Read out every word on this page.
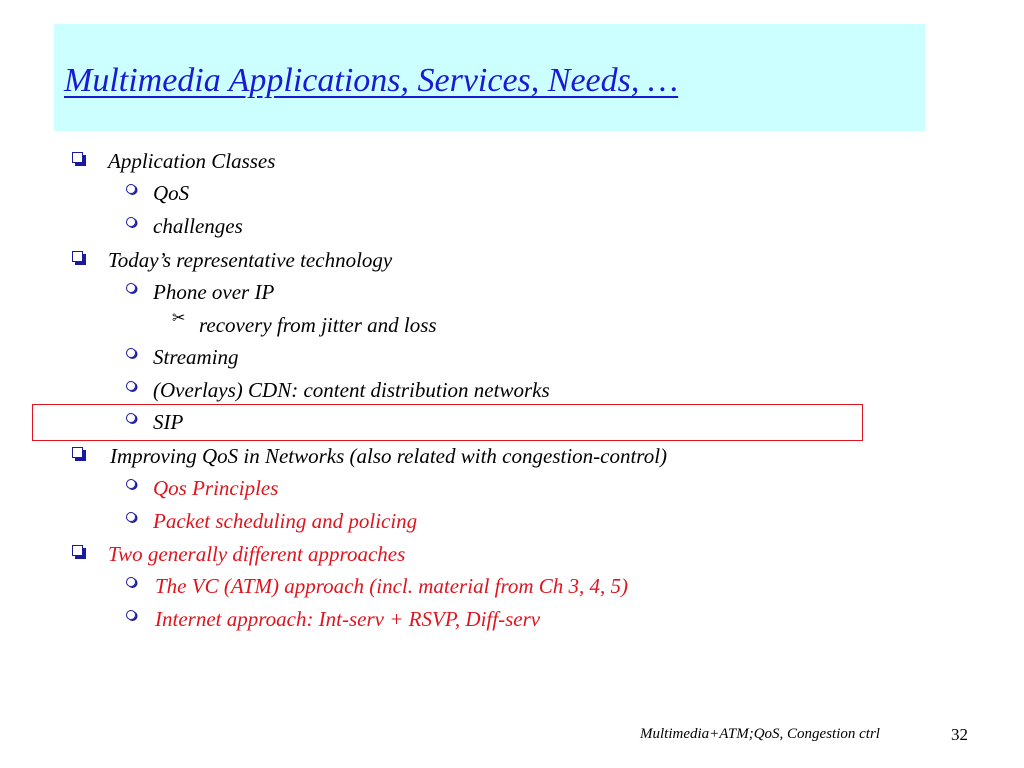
Multimedia Applications, Services, Needs, …
Application Classes
QoS
challenges
Today’s representative technology
Phone over IP
✂ recovery from jitter and loss
Streaming
(Overlays) CDN: content distribution networks
SIP
Improving QoS in Networks (also related with congestion-control)
Qos Principles
Packet scheduling and policing
Two generally different approaches
The VC (ATM) approach (incl. material from Ch 3, 4, 5)
Internet approach: Int-serv + RSVP, Diff-serv
Multimedia+ATM;QoS, Congestion ctrl	32
